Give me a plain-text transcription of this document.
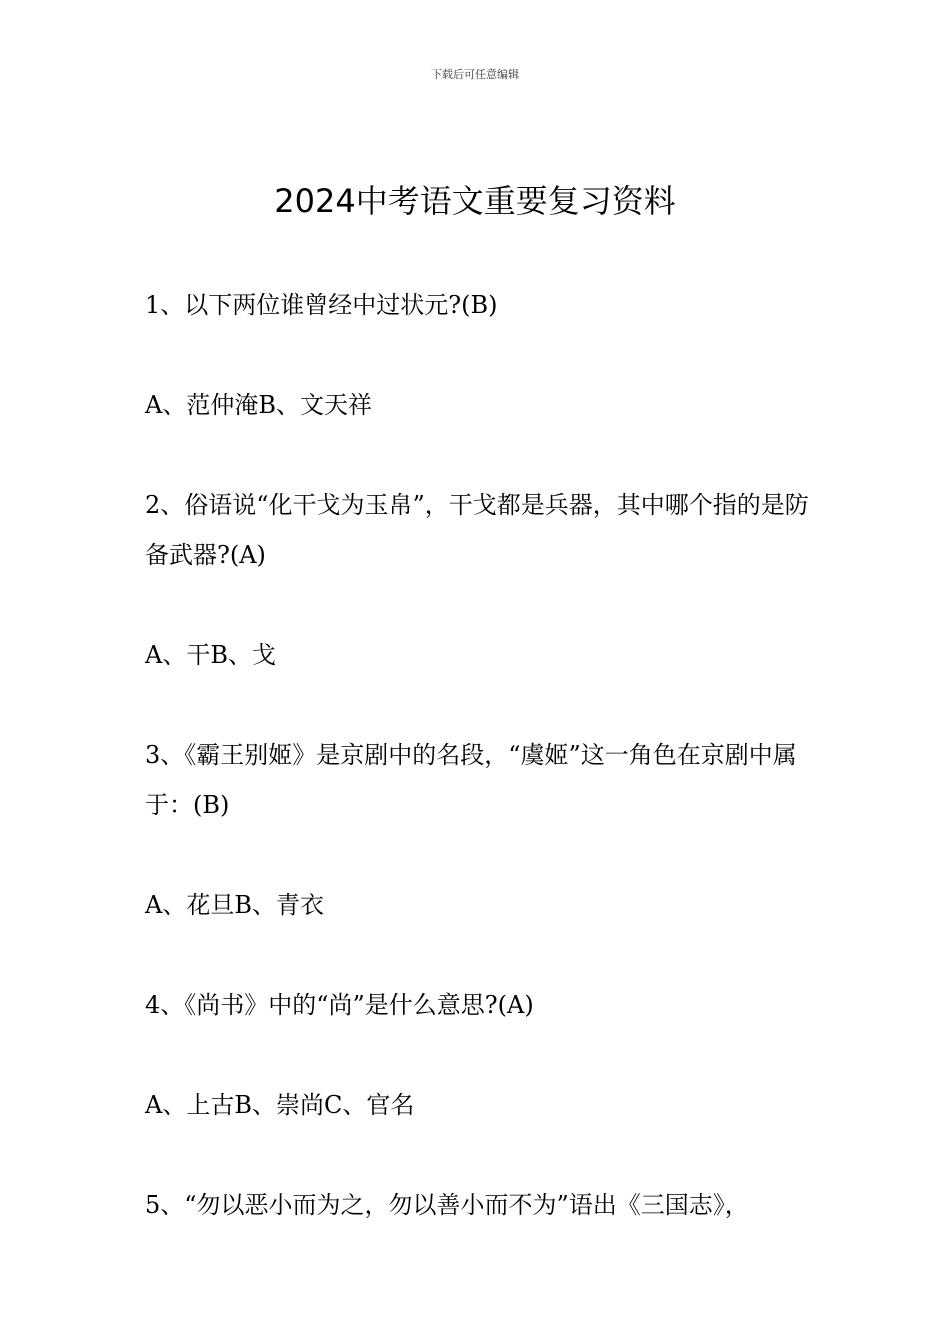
下载后可任意编辑
2024中考语文重要复习资料

1、以下两位谁曾经中过状元?(B)

A、范仲淹B、文天祥

2、俗语说“化干戈为玉帛”，干戈都是兵器，其中哪个指的是防备武器?(A)

A、干B、戈

3、《霸王别姬》是京剧中的名段，“虞姬”这一角色在京剧中属于：(B)

A、花旦B、青衣

4、《尚书》中的“尚”是什么意思?(A)

A、上古B、崇尚C、官名

5、“勿以恶小而为之，勿以善小而不为”语出《三国志》，
